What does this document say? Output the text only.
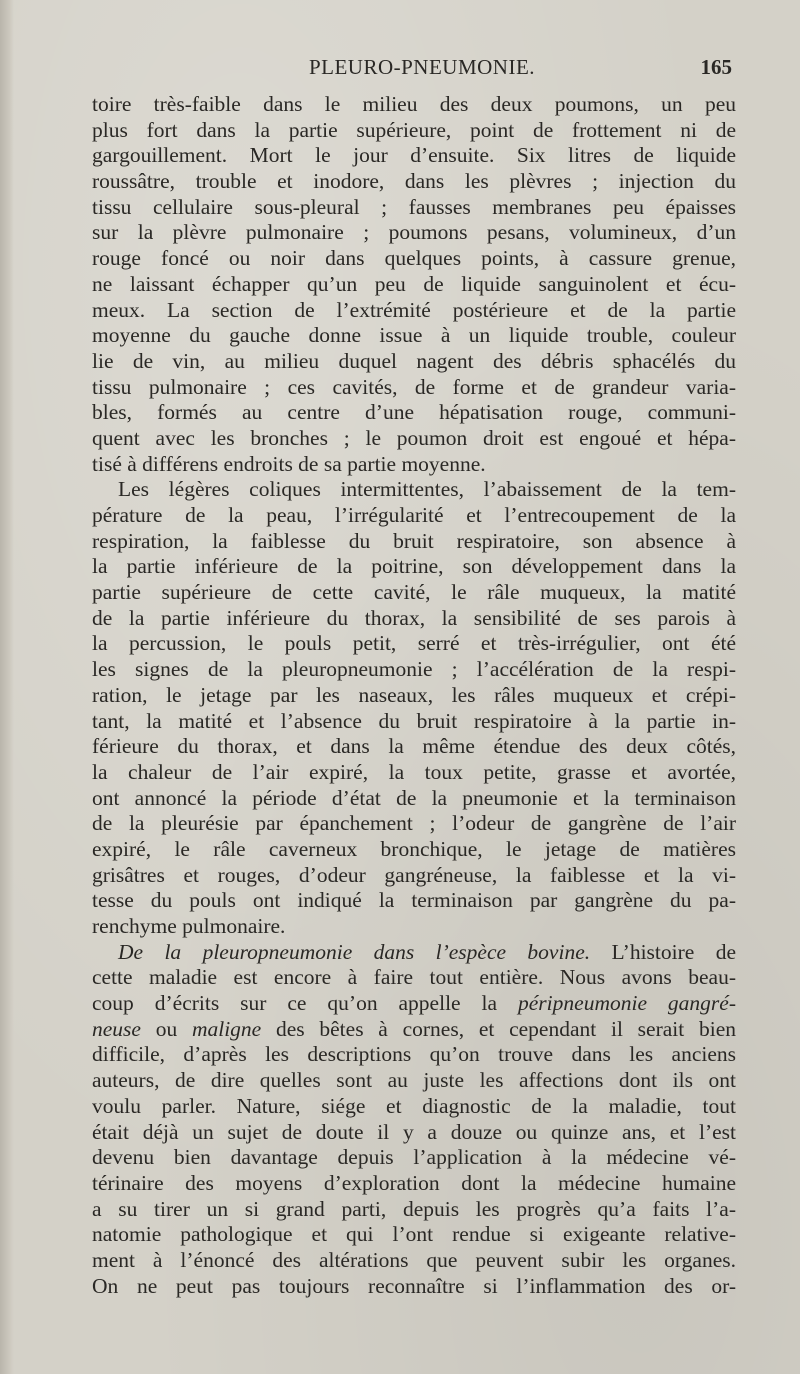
PLEURO-PNEUMONIE.	165
toire très-faible dans le milieu des deux poumons, un peu
plus fort dans la partie supérieure, point de frottement ni de
gargouillement. Mort le jour d’ensuite. Six litres de liquide
roussâtre, trouble et inodore, dans les plèvres ; injection du
tissu cellulaire sous-pleural ; fausses membranes peu épaisses
sur la plèvre pulmonaire ; poumons pesans, volumineux, d’un
rouge foncé ou noir dans quelques points, à cassure grenue,
ne laissant échapper qu’un peu de liquide sanguinolent et écu-
meux. La section de l’extrémité postérieure et de la partie
moyenne du gauche donne issue à un liquide trouble, couleur
lie de vin, au milieu duquel nagent des débris sphacélés du
tissu pulmonaire ; ces cavités, de forme et de grandeur varia-
bles, formés au centre d’une hépatisation rouge, communi-
quent avec les bronches ; le poumon droit est engoué et hépa-
tisé à différens endroits de sa partie moyenne.
Les légères coliques intermittentes, l’abaissement de la tem-
pérature de la peau, l’irrégularité et l’entrecoupement de la
respiration, la faiblesse du bruit respiratoire, son absence à
la partie inférieure de la poitrine, son développement dans la
partie supérieure de cette cavité, le râle muqueux, la matité
de la partie inférieure du thorax, la sensibilité de ses parois à
la percussion, le pouls petit, serré et très-irrégulier, ont été
les signes de la pleuropneumonie ; l’accélération de la respi-
ration, le jetage par les naseaux, les râles muqueux et crépi-
tant, la matité et l’absence du bruit respiratoire à la partie in-
férieure du thorax, et dans la même étendue des deux côtés,
la chaleur de l’air expiré, la toux petite, grasse et avortée,
ont annoncé la période d’état de la pneumonie et la terminaison
de la pleurésie par épanchement ; l’odeur de gangrène de l’air
expiré, le râle caverneux bronchique, le jetage de matières
grisâtres et rouges, d’odeur gangréneuse, la faiblesse et la vi-
tesse du pouls ont indiqué la terminaison par gangrène du pa-
renchyme pulmonaire.
De la pleuropneumonie dans l’espèce bovine. L’histoire de
cette maladie est encore à faire tout entière. Nous avons beau-
coup d’écrits sur ce qu’on appelle la péripneumonie gangré-
neuse ou maligne des bêtes à cornes, et cependant il serait bien
difficile, d’après les descriptions qu’on trouve dans les anciens
auteurs, de dire quelles sont au juste les affections dont ils ont
voulu parler. Nature, siége et diagnostic de la maladie, tout
était déjà un sujet de doute il y a douze ou quinze ans, et l’est
devenu bien davantage depuis l’application à la médecine vé-
térinaire des moyens d’exploration dont la médecine humaine
a su tirer un si grand parti, depuis les progrès qu’a faits l’a-
natomie pathologique et qui l’ont rendue si exigeante relative-
ment à l’énoncé des altérations que peuvent subir les organes.
On ne peut pas toujours reconnaître si l’inflammation des or-
